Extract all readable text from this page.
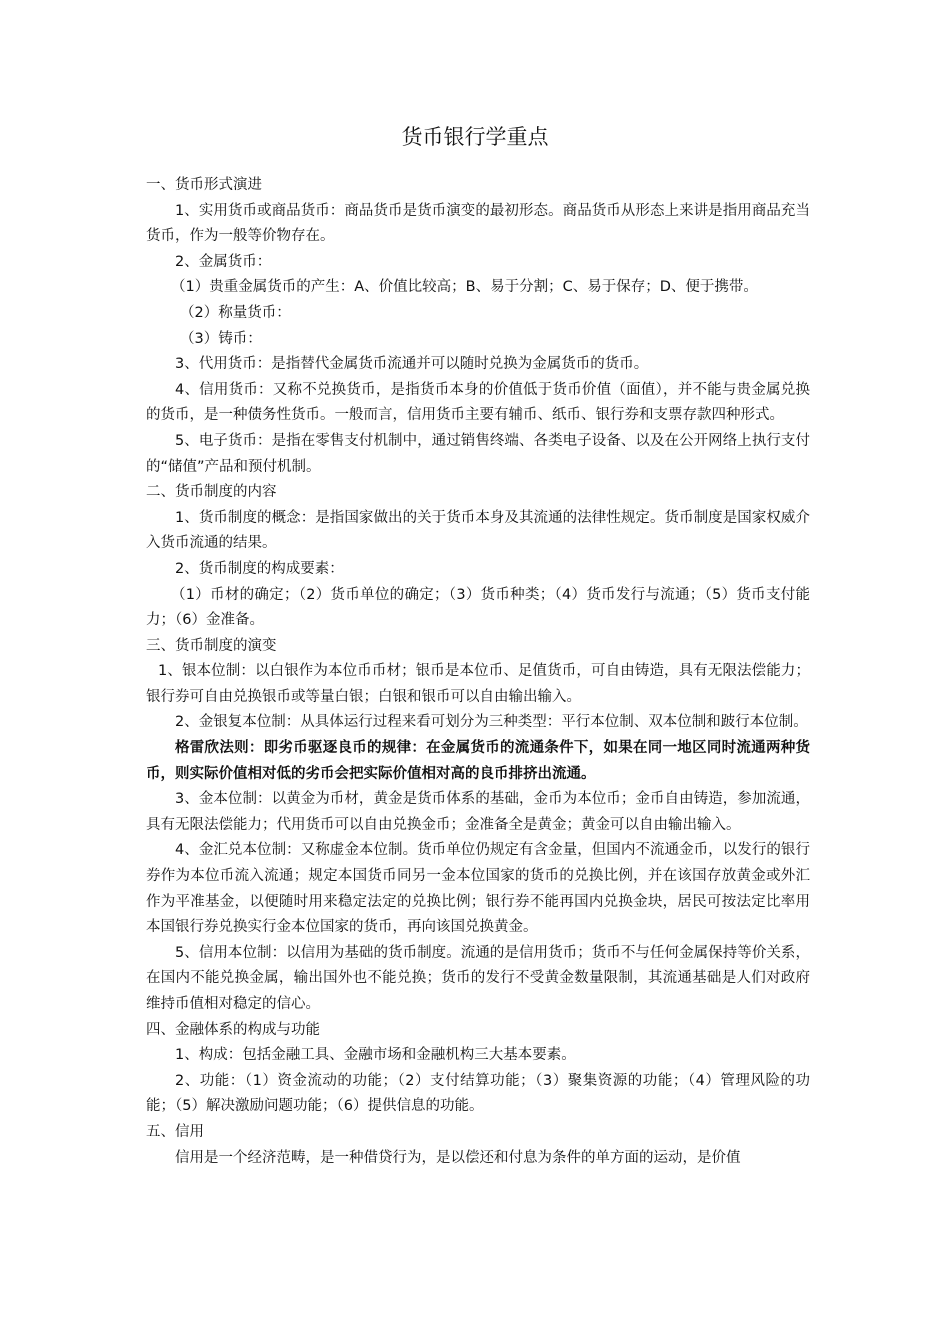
货币银行学重点

一、货币形式演进

1、实用货币或商品货币：商品货币是货币演变的最初形态。商品货币从形态上来讲是指用商品充当货币，作为一般等价物存在。

2、金属货币：

（1）贵重金属货币的产生：A、价值比较高；B、易于分割；C、易于保存；D、便于携带。

（2）称量货币：

（3）铸币：

3、代用货币：是指替代金属货币流通并可以随时兑换为金属货币的货币。

4、信用货币：又称不兑换货币，是指货币本身的价值低于货币价值（面值），并不能与贵金属兑换的货币，是一种债务性货币。一般而言，信用货币主要有辅币、纸币、银行券和支票存款四种形式。

5、电子货币：是指在零售支付机制中，通过销售终端、各类电子设备、以及在公开网络上执行支付的“储值”产品和预付机制。

二、货币制度的内容

1、货币制度的概念：是指国家做出的关于货币本身及其流通的法律性规定。货币制度是国家权威介入货币流通的结果。

2、货币制度的构成要素：

（1）币材的确定；（2）货币单位的确定；（3）货币种类；（4）货币发行与流通；（5）货币支付能力；（6）金准备。

三、货币制度的演变

1、银本位制：以白银作为本位币币材；银币是本位币、足值货币，可自由铸造，具有无限法偿能力；银行券可自由兑换银币或等量白银；白银和银币可以自由输出输入。

2、金银复本位制：从具体运行过程来看可划分为三种类型：平行本位制、双本位制和跛行本位制。

格雷欣法则：即劣币驱逐良币的规律：在金属货币的流通条件下，如果在同一地区同时流通两种货币，则实际价值相对低的劣币会把实际价值相对高的良币排挤出流通。

3、金本位制：以黄金为币材，黄金是货币体系的基础，金币为本位币；金币自由铸造，参加流通，具有无限法偿能力；代用货币可以自由兑换金币；金准备全是黄金；黄金可以自由输出输入。

4、金汇兑本位制：又称虚金本位制。货币单位仍规定有含金量，但国内不流通金币，以发行的银行券作为本位币流入流通；规定本国货币同另一金本位国家的货币的兑换比例，并在该国存放黄金或外汇作为平准基金，以便随时用来稳定法定的兑换比例；银行券不能再国内兑换金块，居民可按法定比率用本国银行券兑换实行金本位国家的货币，再向该国兑换黄金。

5、信用本位制：以信用为基础的货币制度。流通的是信用货币；货币不与任何金属保持等价关系，在国内不能兑换金属，输出国外也不能兑换；货币的发行不受黄金数量限制，其流通基础是人们对政府维持币值相对稳定的信心。

四、金融体系的构成与功能

1、构成：包括金融工具、金融市场和金融机构三大基本要素。

2、功能：（1）资金流动的功能；（2）支付结算功能；（3）聚集资源的功能；（4）管理风险的功能；（5）解决激励问题功能；（6）提供信息的功能。

五、信用

信用是一个经济范畴，是一种借贷行为，是以偿还和付息为条件的单方面的运动，是价值
